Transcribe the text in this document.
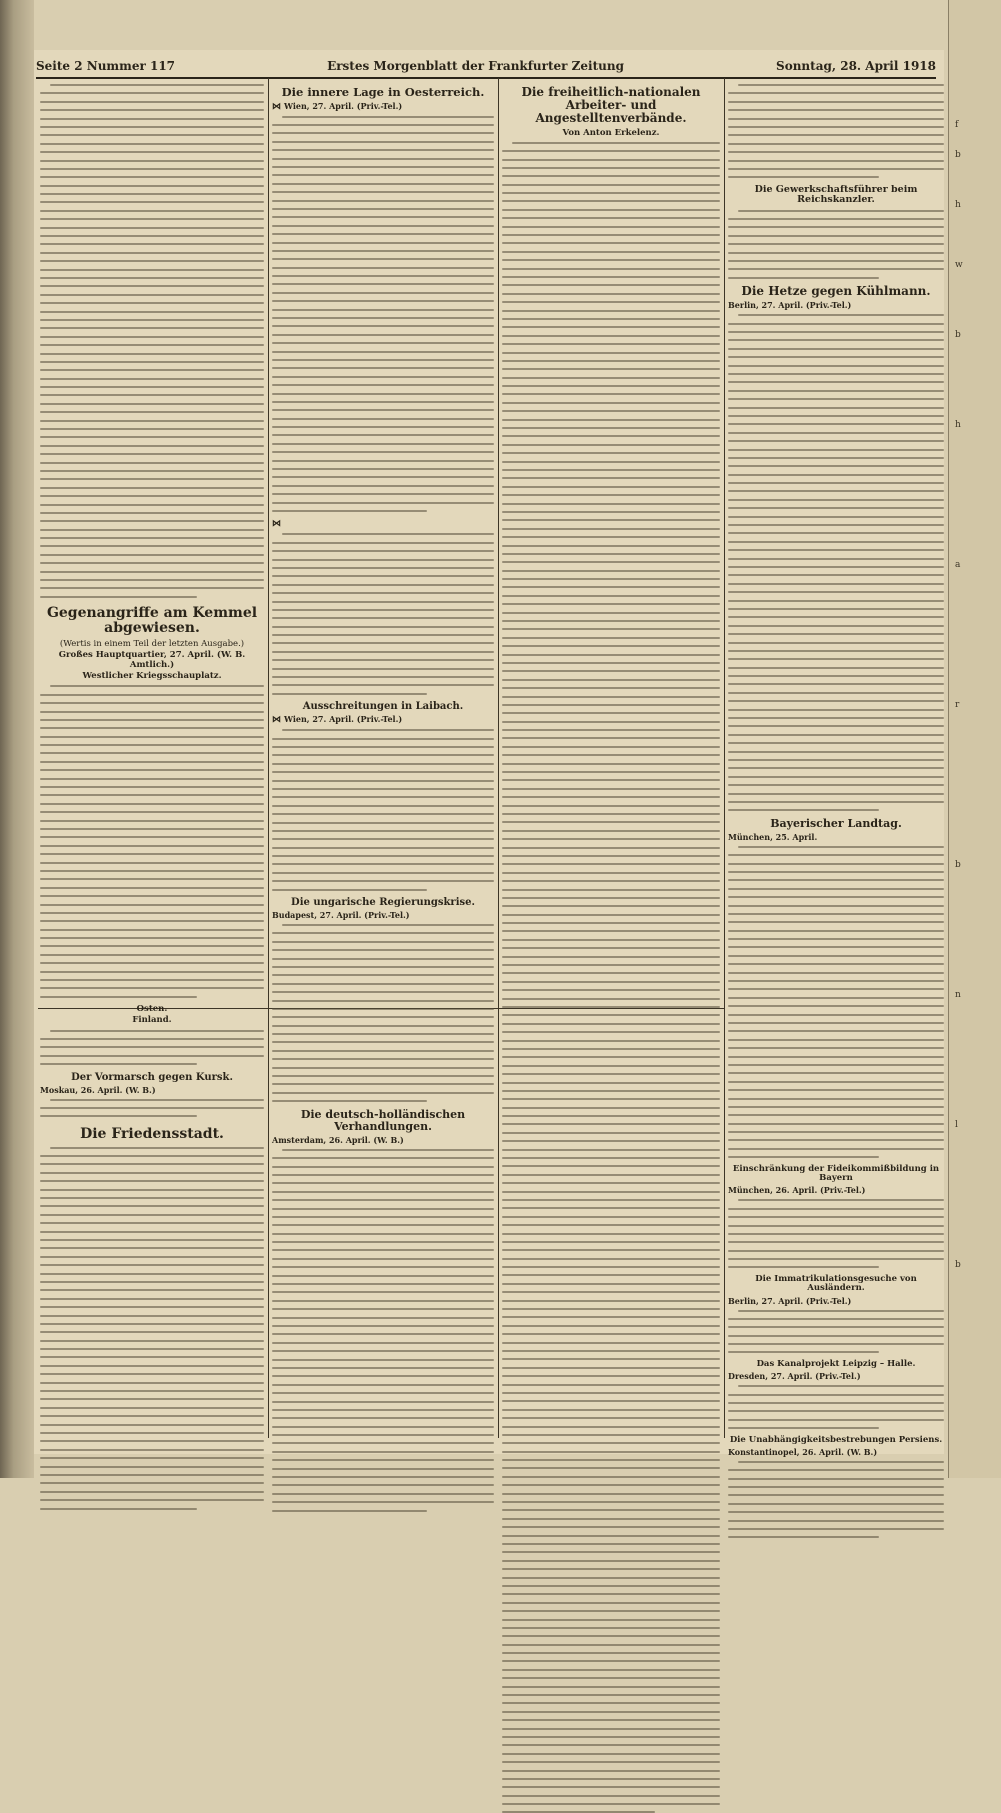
f
b
h
w
b
h
a
r
b
n
l
b
Seite 2 Nummer 117	Erstes Morgenblatt der Frankfurter Zeitung	Sonntag, 28. April 1918
Gegenangriffe am Kemmel abgewiesen.
(Wertis in einem Teil der letzten Ausgabe.)
Großes Hauptquartier, 27. April. (W. B. Amtlich.)
Westlicher Kriegsschauplatz.
Osten.
Finland.
Der Vormarsch gegen Kursk.
Moskau, 26. April. (W. B.)
Die Friedensstadt.
Die innere Lage in Oesterreich.
⋈ Wien, 27. April. (Priv.-Tel.)
⋈
Ausschreitungen in Laibach.
⋈ Wien, 27. April. (Priv.-Tel.)
Die ungarische Regierungskrise.
Budapest, 27. April. (Priv.-Tel.)
Die deutsch-holländischen Verhandlungen.
Amsterdam, 26. April. (W. B.)
Die freiheitlich-nationalen Arbeiter- und Angestelltenverbände.
Von Anton Erkelenz.
Die Gewerkschaftsführer beim Reichskanzler.
Die Hetze gegen Kühlmann.
Berlin, 27. April. (Priv.-Tel.)
Bayerischer Landtag.
München, 25. April.
Einschränkung der Fideikommißbildung in Bayern
München, 26. April. (Priv.-Tel.)
Die Immatrikulationsgesuche von Ausländern.
Berlin, 27. April. (Priv.-Tel.)
Das Kanalprojekt Leipzig – Halle.
Dresden, 27. April. (Priv.-Tel.)
Die Unabhängigkeitsbestrebungen Persiens.
Konstantinopel, 26. April. (W. B.)
